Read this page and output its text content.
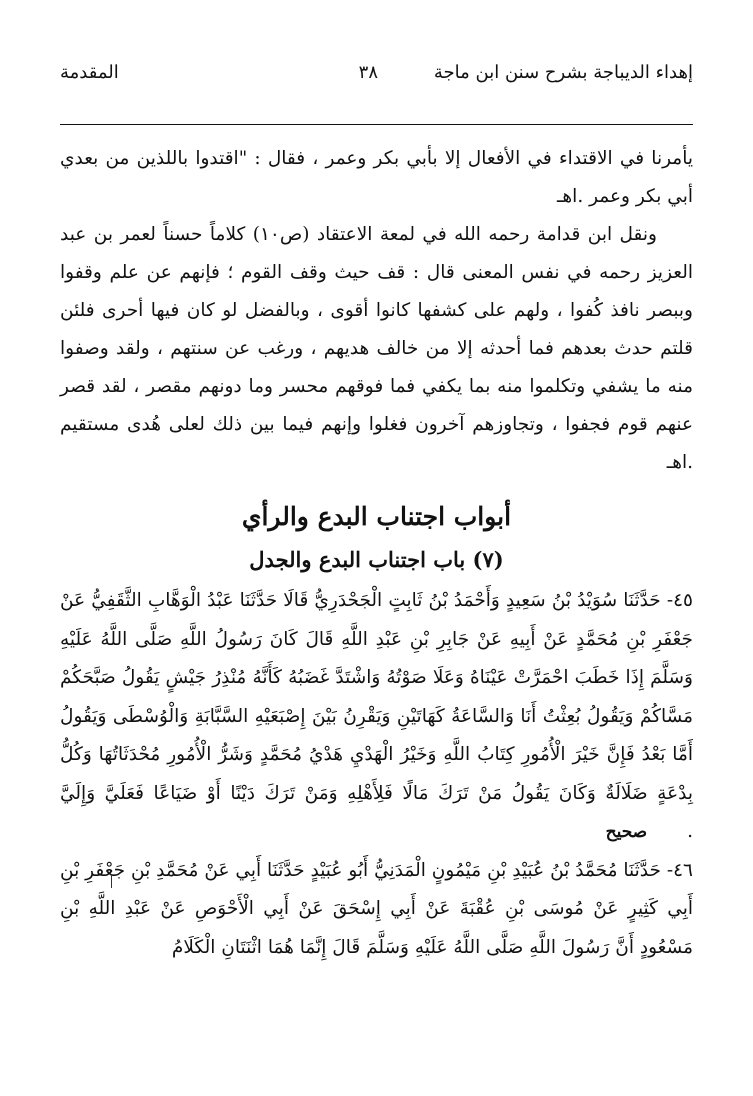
إهداء الديباجة بشرح سنن ابن ماجة
٣٨
المقدمة

يأمرنا في الاقتداء في الأفعال إلا بأبي بكر وعمر ، فقال : "اقتدوا باللذين من بعدي أبي بكر وعمر .اهـ

ونقل ابن قدامة رحمه الله في لمعة الاعتقاد (ص١٠) كلاماً حسناً لعمر بن عبد العزيز رحمه في نفس المعنى قال : قف حيث وقف القوم ؛ فإنهم عن علم وقفوا وببصر نافذ كُفوا ، ولهم على كشفها كانوا أقوى ، وبالفضل لو كان فيها أحرى فلئن قلتم حدث بعدهم فما أحدثه إلا من خالف هديهم ، ورغب عن سنتهم ، ولقد وصفوا منه ما يشفي وتكلموا منه بما يكفي فما فوقهم محسر وما دونهم مقصر ، لقد قصر عنهم قوم فجفوا ، وتجاوزهم آخرون فغلوا وإنهم فيما بين ذلك لعلى هُدى مستقيم .اهـ

أبواب اجتناب البدع والرأي
(٧) باب اجتناب البدع والجدل

٤٥- حَدَّثَنَا سُوَيْدُ بْنُ سَعِيدٍ وَأَحْمَدُ بْنُ ثَابِتٍ الْجَحْدَرِيُّ قَالَا حَدَّثَنَا عَبْدُ الْوَهَّابِ الثَّقَفِيُّ عَنْ جَعْفَرِ بْنِ مُحَمَّدٍ عَنْ أَبِيهِ عَنْ جَابِرِ بْنِ عَبْدِ اللَّهِ قَالَ كَانَ رَسُولُ اللَّهِ صَلَّى اللَّهُ عَلَيْهِ وَسَلَّمَ إِذَا خَطَبَ احْمَرَّتْ عَيْنَاهُ وَعَلَا صَوْتُهُ وَاشْتَدَّ غَضَبُهُ كَأَنَّهُ مُنْذِرُ جَيْشٍ يَقُولُ صَبَّحَكُمْ مَسَّاكُمْ وَيَقُولُ بُعِثْتُ أَنَا وَالسَّاعَةُ كَهَاتَيْنِ وَيَقْرِنُ بَيْنَ إِصْبَعَيْهِ السَّبَّابَةِ وَالْوُسْطَى وَيَقُولُ أَمَّا بَعْدُ فَإِنَّ خَيْرَ الْأُمُورِ كِتَابُ اللَّهِ وَخَيْرُ الْهَدْيِ هَدْيُ مُحَمَّدٍ وَشَرُّ الْأُمُورِ مُحْدَثَاتُهَا وَكُلُّ بِدْعَةٍ ضَلَالَةٌ وَكَانَ يَقُولُ مَنْ تَرَكَ مَالًا فَلِأَهْلِهِ وَمَنْ تَرَكَ دَيْنًا أَوْ ضَيَاعًا فَعَلَيَّ وَإِلَيَّ .صحيح

٤٦- حَدَّثَنَا مُحَمَّدُ بْنُ عُبَيْدِ بْنِ مَيْمُونٍ الْمَدَنِيُّ أَبُو عُبَيْدٍ حَدَّثَنَا أَبِي عَنْ مُحَمَّدِ بْنِ جَعْفَرِ بْنِ أَبِي كَثِيرٍ عَنْ مُوسَى بْنِ عُقْبَةَ عَنْ أَبِي إِسْحَقَ عَنْ أَبِي الْأَحْوَصِ عَنْ عَبْدِ اللَّهِ بْنِ مَسْعُودٍ أَنَّ رَسُولَ اللَّهِ صَلَّى اللَّهُ عَلَيْهِ وَسَلَّمَ قَالَ إِنَّمَا هُمَا اثْنَتَانِ الْكَلَامُ
